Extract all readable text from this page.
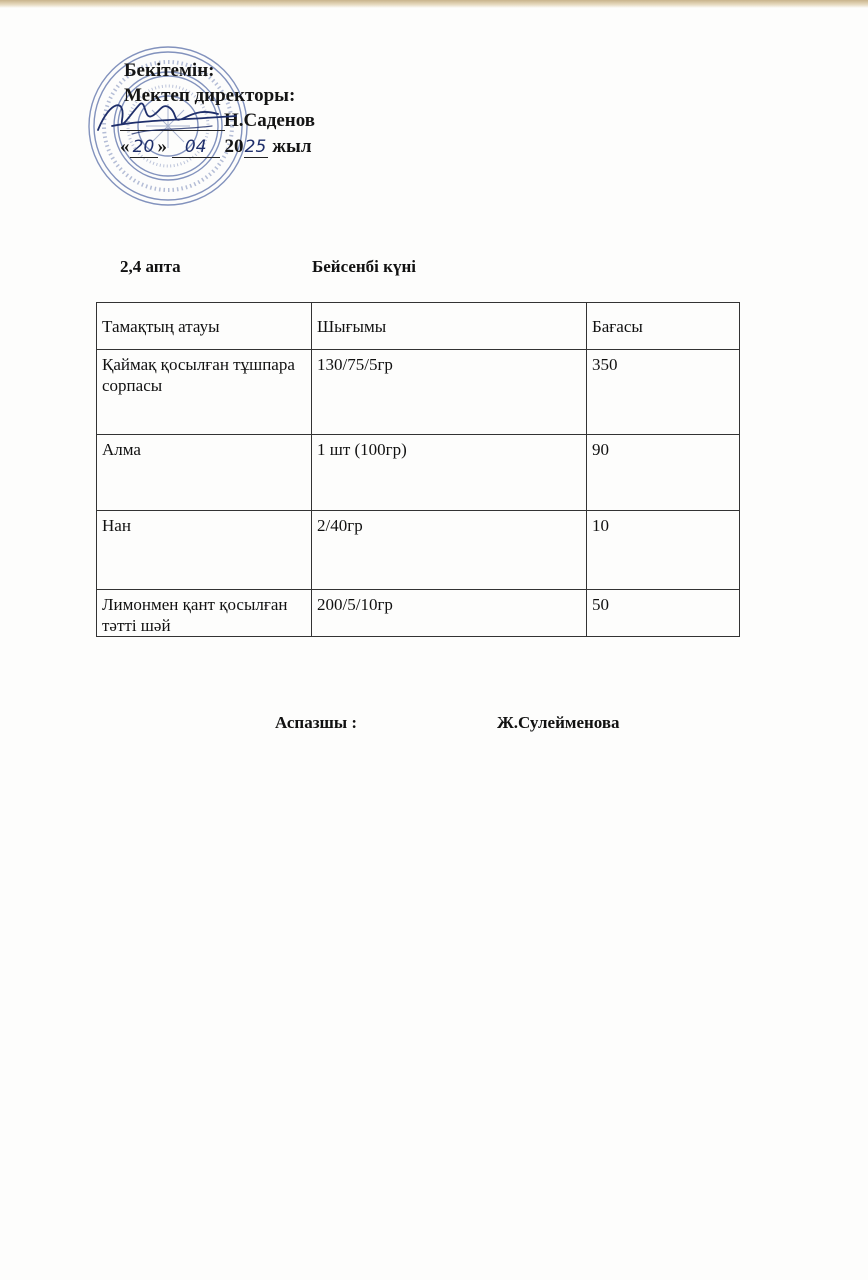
Бекітемін:
Мектеп директоры:
Н.Саденов
« 20 » 04 2025 жыл
2,4 апта	Бейсенбі күні
Тамақтың атауы	Шығымы	Бағасы
Қаймақ қосылған тұшпара сорпасы	130/75/5гр	350
Алма	1 шт (100гр)	90
Нан	2/40гр	10
Лимонмен қант қосылған тәтті шәй	200/5/10гр	50
Аспазшы :	Ж.Сулейменова
